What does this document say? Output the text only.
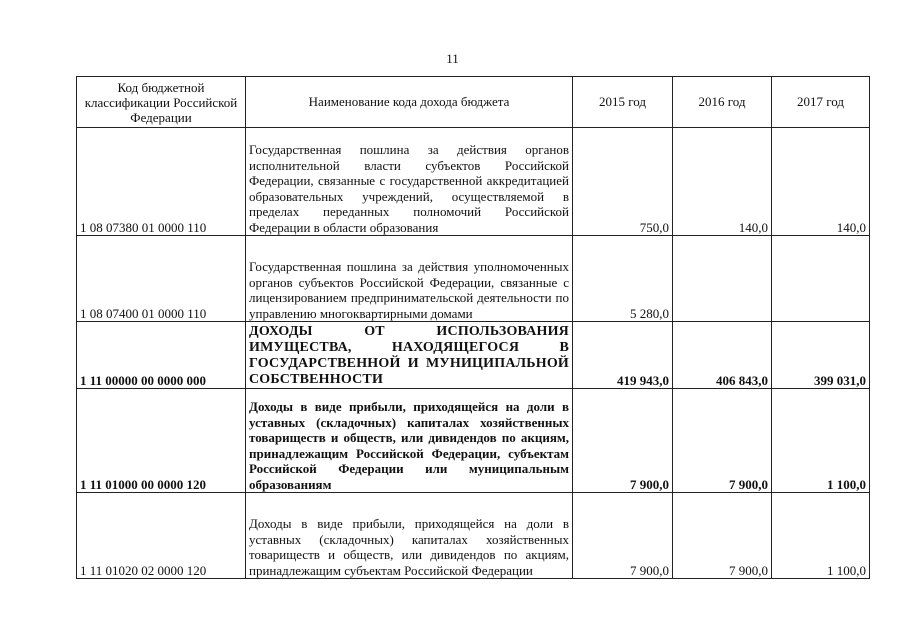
11
Код бюджетной классификации Российской Федерации	Наименование кода дохода бюджета	2015 год	2016 год	2017 год
1 08 07380 01 0000 110	Государственная пошлина за действия органов исполнительной власти субъектов Российской Федерации, связанные с государственной аккредитацией образовательных учреждений, осуществляемой в пределах переданных полномочий Российской Федерации в области образования	750,0	140,0	140,0
1 08 07400 01 0000 110	Государственная пошлина за действия уполномоченных органов субъектов Российской Федерации, связанные с лицензированием предпринимательской деятельности по управлению многоквартирными домами	5 280,0		
1 11 00000 00 0000 000	ДОХОДЫ ОТ ИСПОЛЬЗОВАНИЯ ИМУЩЕСТВА, НАХОДЯЩЕГОСЯ В ГОСУДАРСТВЕННОЙ И МУНИЦИПАЛЬНОЙ СОБСТВЕННОСТИ	419 943,0	406 843,0	399 031,0
1 11 01000 00 0000 120	Доходы в виде прибыли, приходящейся на доли в уставных (складочных) капиталах хозяйственных товариществ и обществ, или дивидендов по акциям, принадлежащим Российской Федерации, субъектам Российской Федерации или муниципальным образованиям	7 900,0	7 900,0	1 100,0
1 11 01020 02 0000 120	Доходы в виде прибыли, приходящейся на доли в уставных (складочных) капиталах хозяйственных товариществ и обществ, или дивидендов по акциям, принадлежащим субъектам Российской Федерации	7 900,0	7 900,0	1 100,0
